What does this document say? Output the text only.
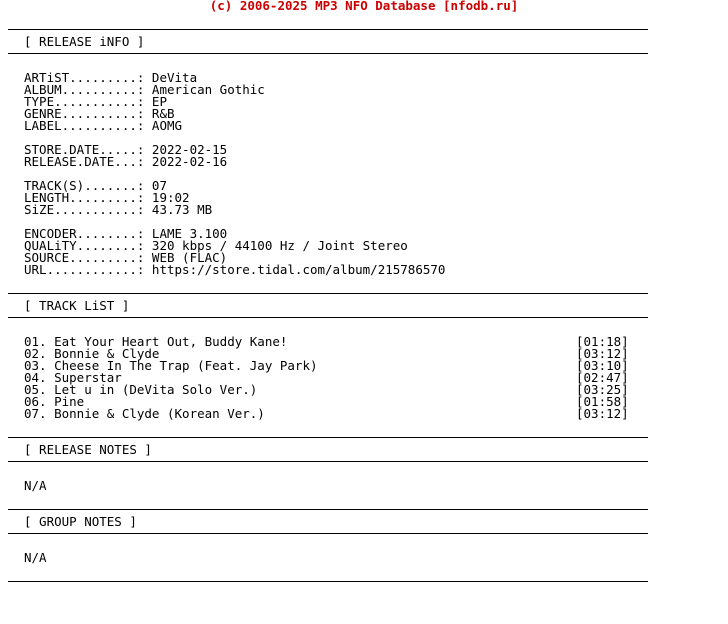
(c) 2006-2025 MP3 NFO Database [nfodb.ru]
[ RELEASE iNFO ]
ARTiST.........: DeVita
ALBUM..........: American Gothic
TYPE...........: EP
GENRE..........: R&B
LABEL..........: AOMG
STORE.DATE.....: 2022-02-15
RELEASE.DATE...: 2022-02-16
TRACK(S).......: 07
LENGTH.........: 19:02
SiZE...........: 43.73 MB
ENCODER........: LAME 3.100
QUALiTY........: 320 kbps / 44100 Hz / Joint Stereo
SOURCE.........: WEB (FLAC)
URL............: https://store.tidal.com/album/215786570
[ TRACK LiST ]
01. Eat Your Heart Out, Buddy Kane!	[01:18]
02. Bonnie & Clyde	[03:12]
03. Cheese In The Trap (Feat. Jay Park)	[03:10]
04. Superstar	[02:47]
05. Let u in (DeVita Solo Ver.)	[03:25]
06. Pine	[01:58]
07. Bonnie & Clyde (Korean Ver.)	[03:12]
[ RELEASE NOTES ]
N/A
[ GROUP NOTES ]
N/A
